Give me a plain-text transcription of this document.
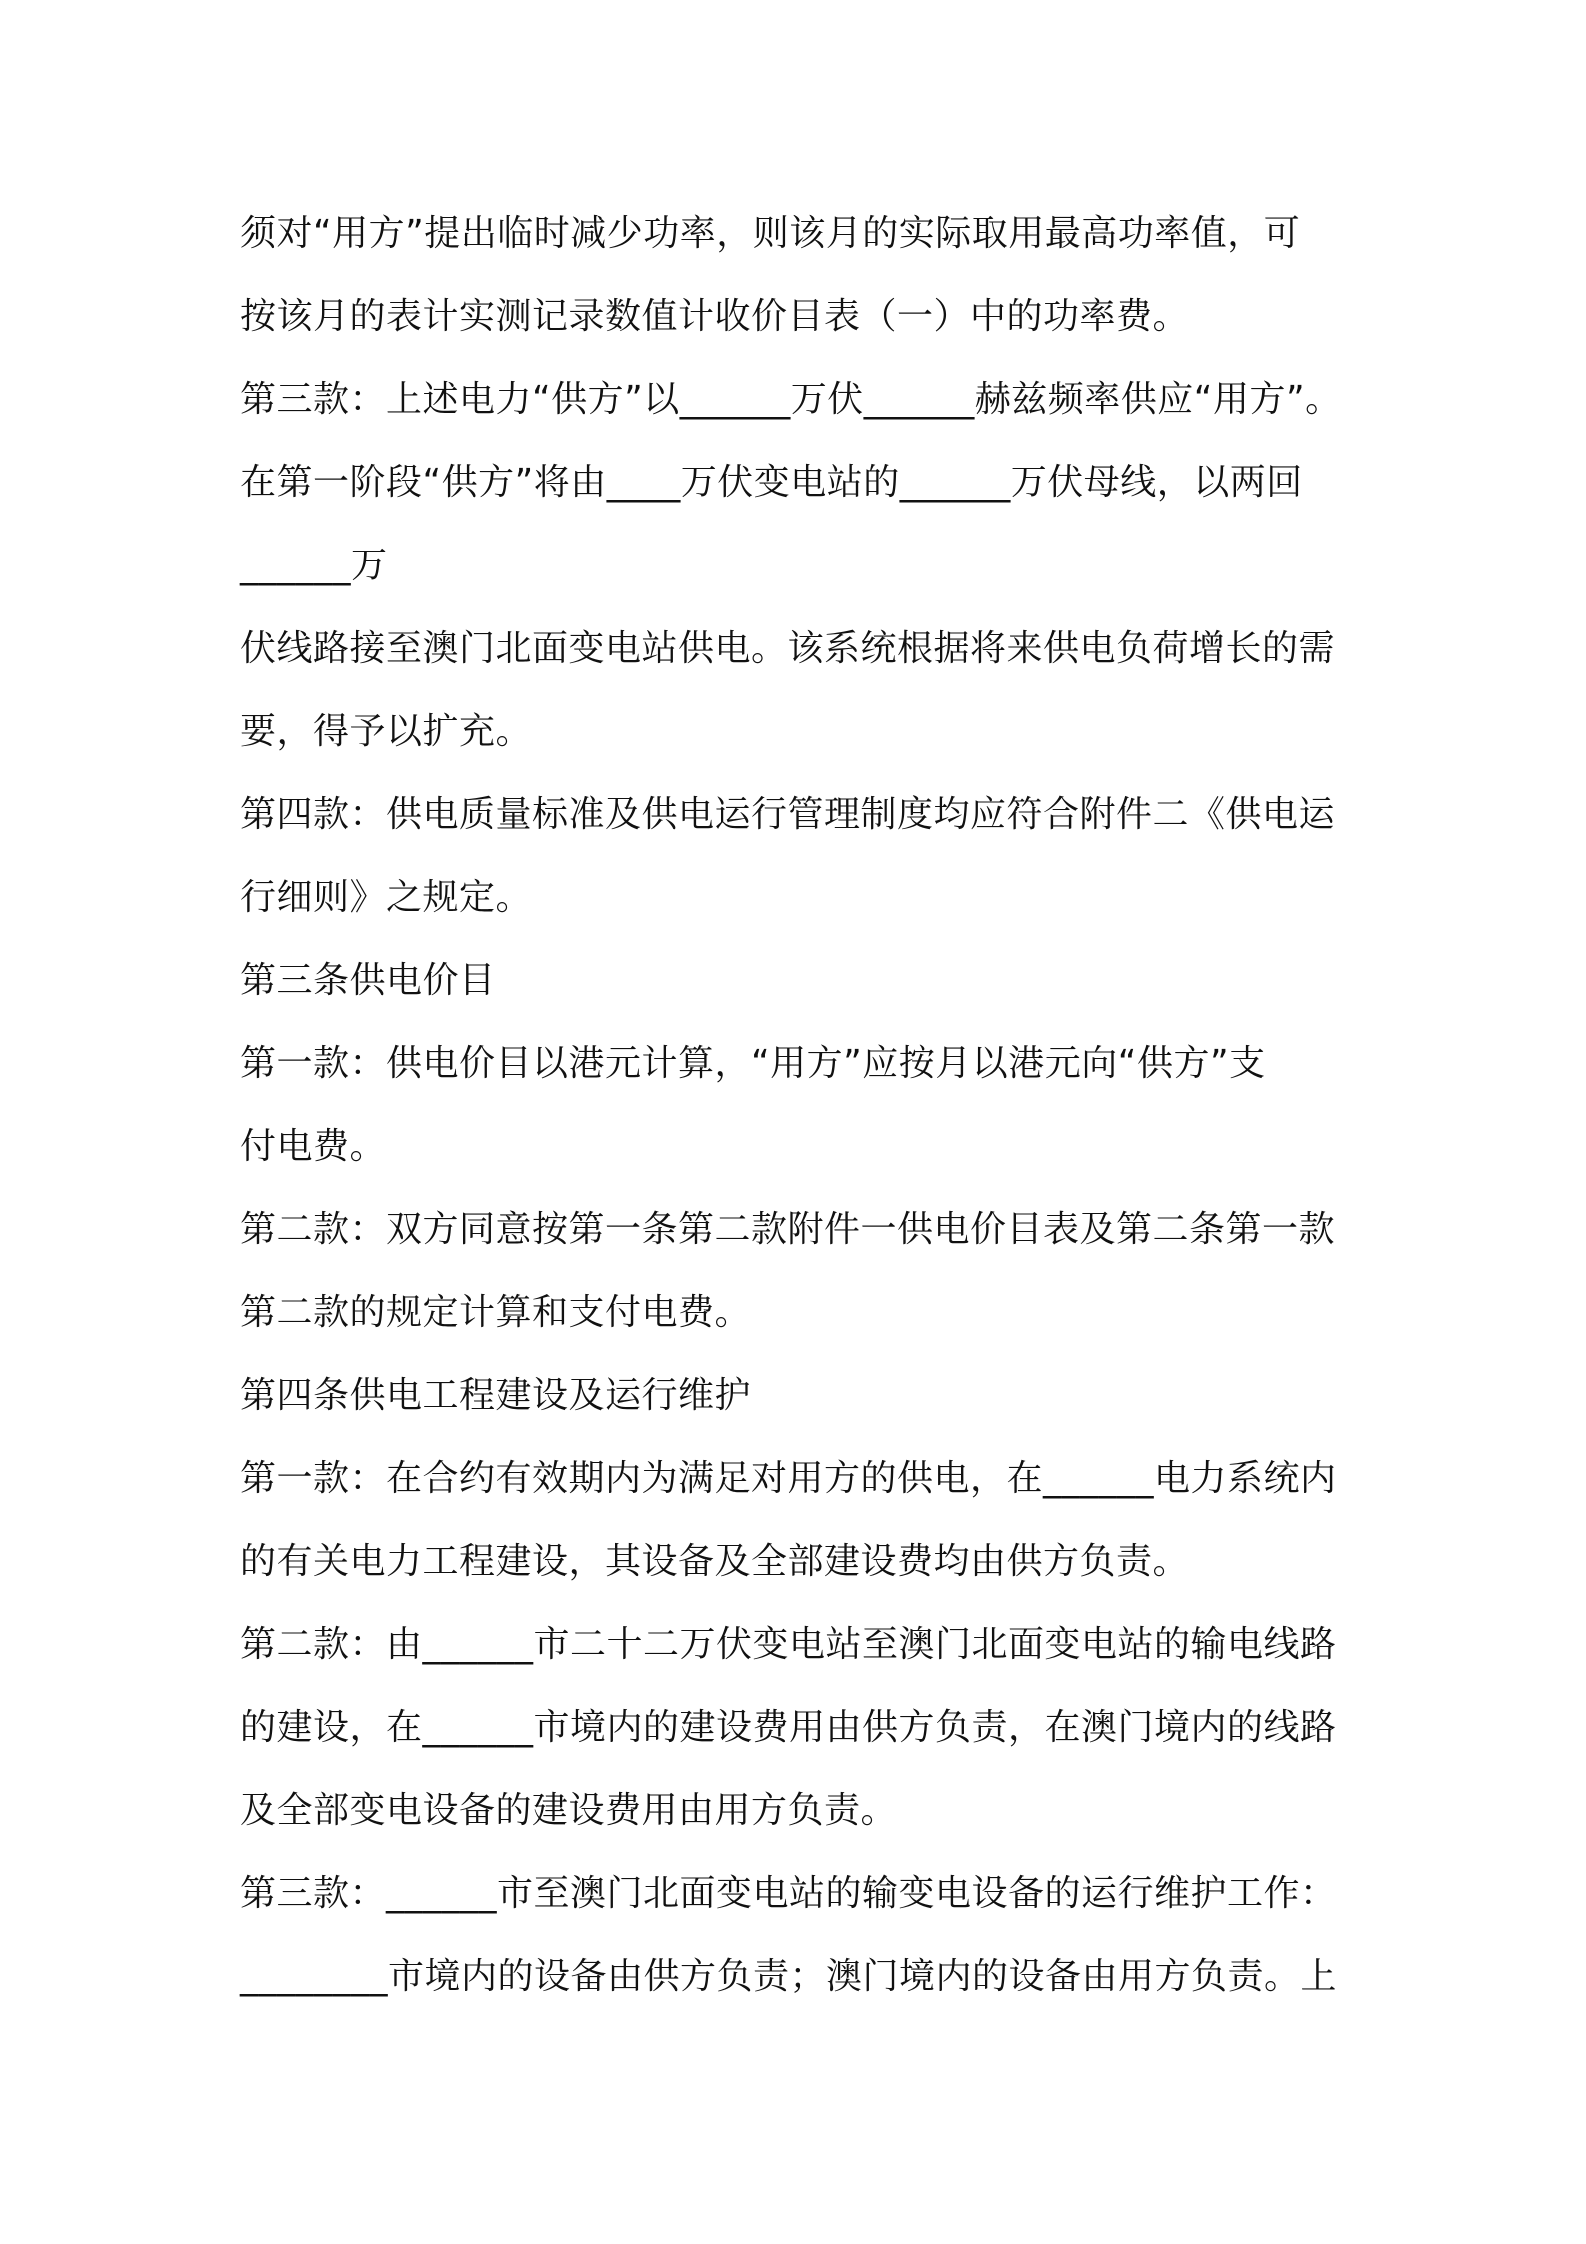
须对“用方”提出临时减少功率，则该月的实际取用最高功率值，可
按该月的表计实测记录数值计收价目表（一）中的功率费。
第三款：上述电力“供方”以______万伏______赫兹频率供应“用方”。
在第一阶段“供方”将由____万伏变电站的______万伏母线，以两回
______万
伏线路接至澳门北面变电站供电。该系统根据将来供电负荷增长的需
要，得予以扩充。
第四款：供电质量标准及供电运行管理制度均应符合附件二《供电运
行细则》之规定。
第三条供电价目
第一款：供电价目以港元计算，“用方”应按月以港元向“供方”支
付电费。
第二款：双方同意按第一条第二款附件一供电价目表及第二条第一款
第二款的规定计算和支付电费。
第四条供电工程建设及运行维护
第一款：在合约有效期内为满足对用方的供电，在______电力系统内
的有关电力工程建设，其设备及全部建设费均由供方负责。
第二款：由______市二十二万伏变电站至澳门北面变电站的输电线路
的建设，在______市境内的建设费用由供方负责，在澳门境内的线路
及全部变电设备的建设费用由用方负责。
第三款：______市至澳门北面变电站的输变电设备的运行维护工作：
________市境内的设备由供方负责；澳门境内的设备由用方负责。上
